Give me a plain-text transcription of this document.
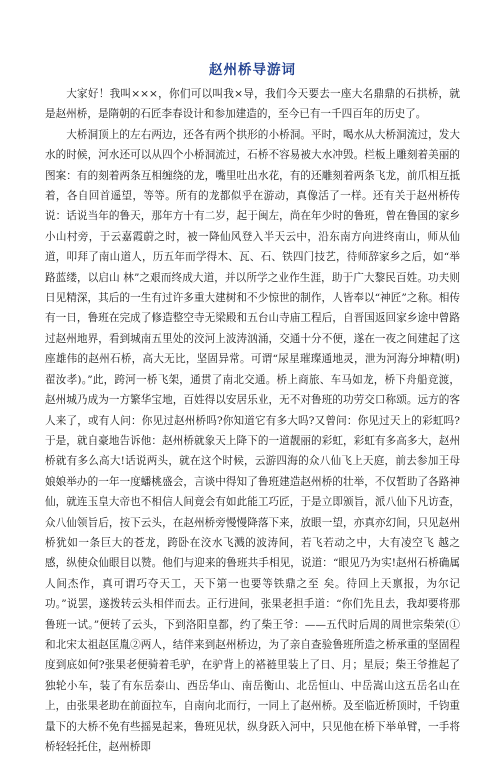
赵州桥导游词

大家好！我叫×××，你们可以叫我×导，我们今天要去一座大名鼎鼎的石拱桥，就是赵州桥，是隋朝的石匠李春设计和参加建造的，至今已有一千四百年的历史了。

大桥洞顶上的左右两边，还各有两个拱形的小桥洞。平时，喝水从大桥洞流过，发大水的时候，河水还可以从四个小桥洞流过，石桥不容易被大水冲毁。栏板上雕刻着美丽的图案：有的刻着两条互相缠绕的龙，嘴里吐出水花，有的还雕刻着两条飞龙，前爪相互抵着，各自回首遥望，等等。所有的龙都似乎在游动，真像活了一样。还有关于赵州桥传说：话说当年的鲁天，那年方十有二岁，起于闽左，尚在年少时的鲁班，曾在鲁国的家乡小山村旁，于云嘉霞蔚之时，被一降仙风登入半天云中，沿东南方向进终南山，师从仙道，叩拜了南山道人，历五年而学得木、瓦、石、铁四门技艺，待师辞家乡之后，如“举路蓝缕，以启山 林”之艰而终成大道，并以所学之业作生涯，助于广大黎民百姓。功夫则日见精深，其后的一生有过许多重大建树和不少惊世的制作，人皆奉以“神匠”之称。相传有一日，鲁班在完成了修造整空寺无梁殿和五台山寺庙工程后，自晋国返回家乡途中曾路过赵州地界，看到城南五里处的洨河上波涛汹涌，交通十分不便，遂在一夜之间建起了这座雄伟的赵州石桥，高大无比，坚固异常。可谓“尿星璀璨通地灵，泄为河海分坤精(明)翟汝孝)。”此，跨河一桥飞架，通贯了南北交通。桥上商旅、车马如龙，桥下舟船竞渡，赵州城乃成为一方繁华宝地，百姓得以安居乐业，无不对鲁班的功劳交口称颂。远方的客人来了，或有人问：你见过赵州桥吗?你知道它有多大吗?又曾问：你见过天上的彩虹吗?于是，就自豪地告诉他：赵州桥就象天上降下的一道靓丽的彩虹，彩虹有多高多大，赵州桥就有多么高大!话说两头，就在这个时候，云游四海的众八仙飞上天庭，前去参加王母娘娘举办的一年一度蟠桃盛会，言谈中得知了鲁班建造赵州桥的壮举，不仅暂助了各路神仙，就连玉皇大帝也不相信人间竟会有如此能工巧匠，于是立即颁旨，派八仙下凡访查，众八仙领旨后，按下云头，在赵州桥旁慢慢降落下来，放眼一望，亦真亦幻间，只见赵州桥犹如一条巨大的苍龙，跨卧在洨水飞溅的波涛间，若飞若动之中，大有凌空飞 越之感，纵使众仙眼目以赞。他们与迎来的鲁班共手相见，说道：“眼见乃为实!赵州石桥确属人间杰作，真可谓巧夺天工，天下第一也要等铁鼎之至 矣。待回上天禀报，为尔记功。”说罢，遂拨转云头相伴而去。正行进间，张果老担手道：“你们先且去，我却要将那鲁班一试。”便转了云头，下到洛阳皇都，约了柴王爷：——五代时后周的周世宗柴荣(①和北宋太祖赵匡胤②两人，结伴来到赵州桥边，为了亲自查验鲁班所造之桥承重的坚固程度到底如何?张果老便骑着毛驴，在驴背上的褡裢里装上了日、月；星辰；柴王爷推起了独轮小车，装了有东岳泰山、西岳华山、南岳衡山、北岳恒山、中岳嵩山这五岳名山在上，由张果老助在前面拉车，自南向北而行，一同上了赵州桥。及至临近桥顶时，千钧重量下的大桥不免有些摇晃起来，鲁班见状，纵身跃入河中，只见他在桥下举单臂，一手将桥轻轻托住，赵州桥即
